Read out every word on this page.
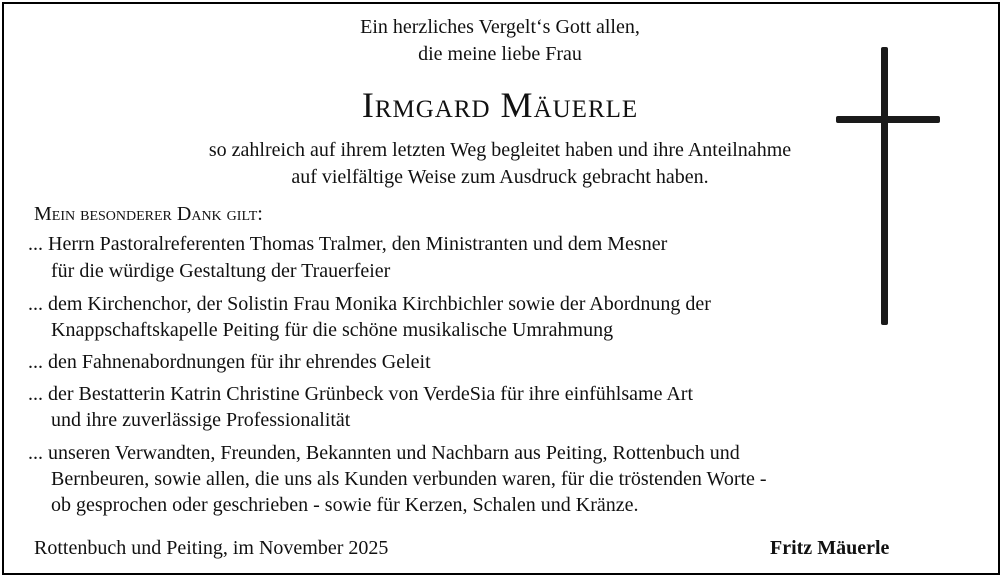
Ein herzliches Vergelt‘s Gott allen,
die meine liebe Frau
Irmgard Mäuerle
so zahlreich auf ihrem letzten Weg begleitet haben und ihre Anteilnahme
auf vielfältige Weise zum Ausdruck gebracht haben.
Mein besonderer Dank gilt:
... Herrn Pastoralreferenten Thomas Tralmer, den Ministranten und dem Mesner
für die würdige Gestaltung der Trauerfeier
... dem Kirchenchor, der Solistin Frau Monika Kirchbichler sowie der Abordnung der
Knappschaftskapelle Peiting für die schöne musikalische Umrahmung
... den Fahnenabordnungen für ihr ehrendes Geleit
... der Bestatterin Katrin Christine Grünbeck von VerdeSia für ihre einfühlsame Art
und ihre zuverlässige Professionalität
... unseren Verwandten, Freunden, Bekannten und Nachbarn aus Peiting, Rottenbuch und
Bernbeuren, sowie allen, die uns als Kunden verbunden waren, für die tröstenden Worte -
ob gesprochen oder geschrieben - sowie für Kerzen, Schalen und Kränze.
Rottenbuch und Peiting, im November 2025	Fritz Mäuerle
